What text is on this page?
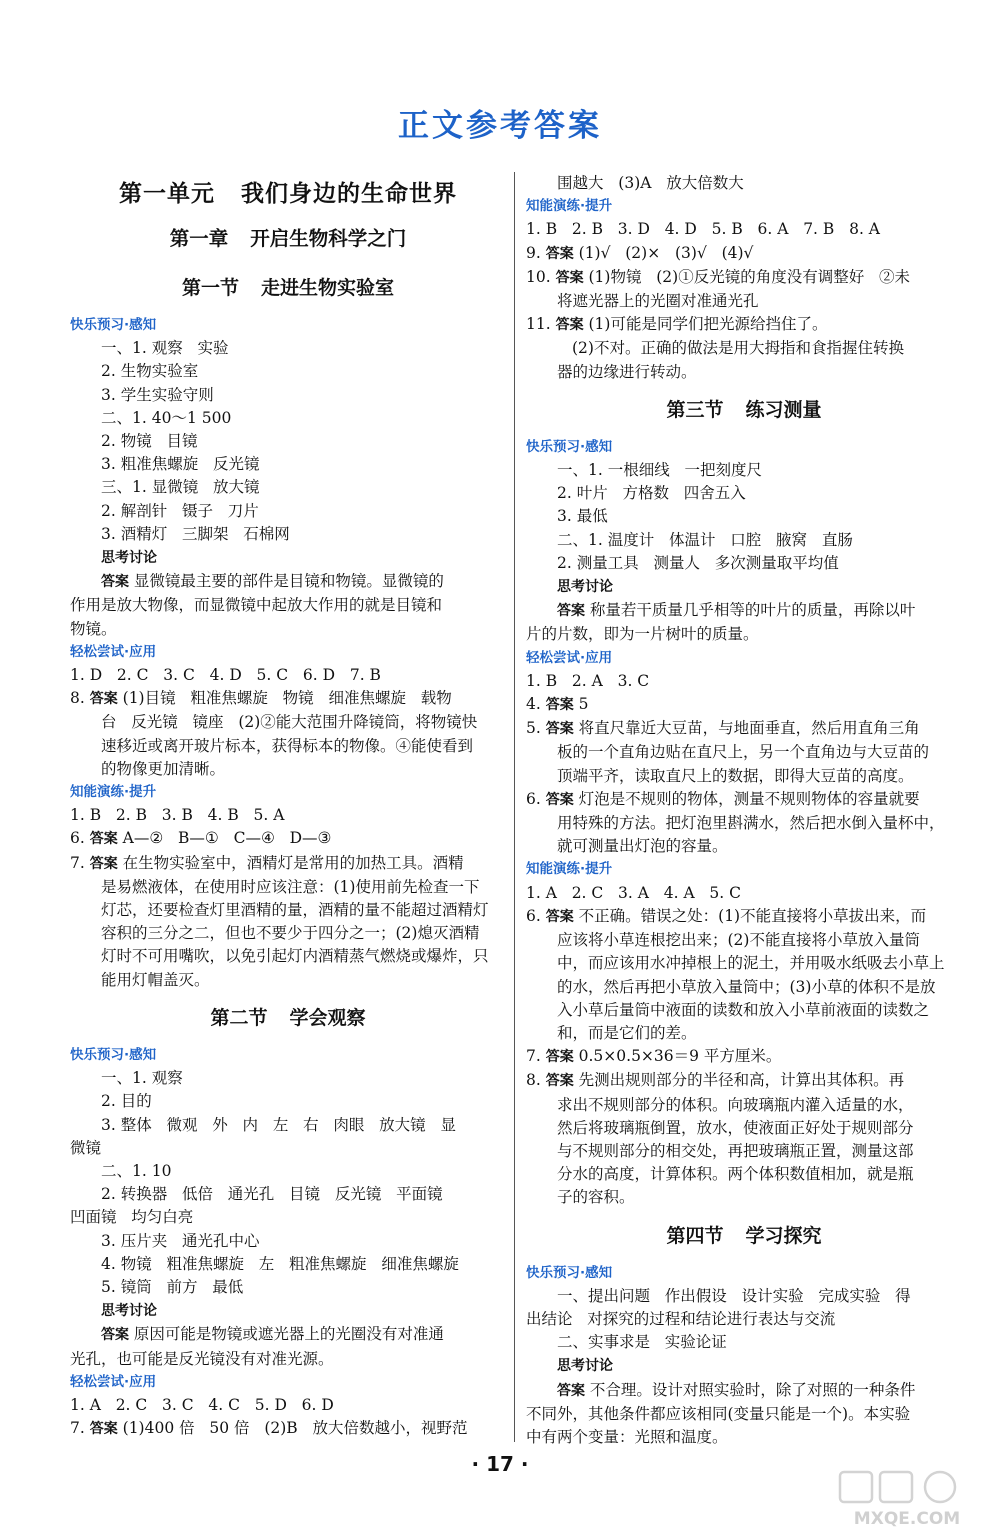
正文参考答案
第一单元 我们身边的生命世界
第一章 开启生物科学之门
第一节 走进生物实验室
快乐预习·感知
一、1. 观察   实验
2. 生物实验室
3. 学生实验守则
二、1. 40～1 500
2. 物镜   目镜
3. 粗准焦螺旋   反光镜
三、1. 显微镜   放大镜
2. 解剖针   镊子   刀片
3. 酒精灯   三脚架   石棉网
思考讨论
答案 显微镜最主要的部件是目镜和物镜。显微镜的
作用是放大物像，而显微镜中起放大作用的就是目镜和
物镜。
轻松尝试·应用
1. D   2. C   3. C   4. D   5. C   6. D   7. B
8. 答案 (1)目镜   粗准焦螺旋   物镜   细准焦螺旋   载物
台   反光镜   镜座   (2)②能大范围升降镜筒，将物镜快
速移近或离开玻片标本，获得标本的物像。④能使看到
的物像更加清晰。
知能演练·提升
1. B   2. B   3. B   4. B   5. A
6. 答案 A—②   B—①   C—④   D—③
7. 答案 在生物实验室中，酒精灯是常用的加热工具。酒精
是易燃液体，在使用时应该注意：(1)使用前先检查一下
灯芯，还要检查灯里酒精的量，酒精的量不能超过酒精灯
容积的三分之二，但也不要少于四分之一；(2)熄灭酒精
灯时不可用嘴吹，以免引起灯内酒精蒸气燃烧或爆炸，只
能用灯帽盖灭。
第二节 学会观察
快乐预习·感知
一、1. 观察
2. 目的
3. 整体   微观   外   内   左   右   肉眼   放大镜   显
微镜
二、1. 10
2. 转换器   低倍   通光孔   目镜   反光镜   平面镜
凹面镜   均匀白亮
3. 压片夹   通光孔中心
4. 物镜   粗准焦螺旋   左   粗准焦螺旋   细准焦螺旋
5. 镜筒   前方   最低
思考讨论
答案 原因可能是物镜或遮光器上的光圈没有对准通
光孔，也可能是反光镜没有对准光源。
轻松尝试·应用
1. A   2. C   3. C   4. C   5. D   6. D
7. 答案 (1)400 倍   50 倍   (2)B   放大倍数越小，视野范
围越大   (3)A   放大倍数大
知能演练·提升
1. B   2. B   3. D   4. D   5. B   6. A   7. B   8. A
9. 答案 (1)√   (2)×   (3)√   (4)√
10. 答案 (1)物镜   (2)①反光镜的角度没有调整好   ②未
将遮光器上的光圈对准通光孔
11. 答案 (1)可能是同学们把光源给挡住了。
(2)不对。正确的做法是用大拇指和食指握住转换
器的边缘进行转动。
第三节 练习测量
快乐预习·感知
一、1. 一根细线   一把刻度尺
2. 叶片   方格数   四舍五入
3. 最低
二、1. 温度计   体温计   口腔   腋窝   直肠
2. 测量工具   测量人   多次测量取平均值
思考讨论
答案 称量若干质量几乎相等的叶片的质量，再除以叶
片的片数，即为一片树叶的质量。
轻松尝试·应用
1. B   2. A   3. C
4. 答案 5
5. 答案 将直尺靠近大豆苗，与地面垂直，然后用直角三角
板的一个直角边贴在直尺上，另一个直角边与大豆苗的
顶端平齐，读取直尺上的数据，即得大豆苗的高度。
6. 答案 灯泡是不规则的物体，测量不规则物体的容量就要
用特殊的方法。把灯泡里斟满水，然后把水倒入量杯中，
就可测量出灯泡的容量。
知能演练·提升
1. A   2. C   3. A   4. A   5. C
6. 答案 不正确。错误之处：(1)不能直接将小草拔出来，而
应该将小草连根挖出来；(2)不能直接将小草放入量筒
中，而应该用水冲掉根上的泥土，并用吸水纸吸去小草上
的水，然后再把小草放入量筒中；(3)小草的体积不是放
入小草后量筒中液面的读数和放入小草前液面的读数之
和，而是它们的差。
7. 答案 0.5×0.5×36＝9 平方厘米。
8. 答案 先测出规则部分的半径和高，计算出其体积。再
求出不规则部分的体积。向玻璃瓶内灌入适量的水，
然后将玻璃瓶倒置，放水，使液面正好处于规则部分
与不规则部分的相交处，再把玻璃瓶正置，测量这部
分水的高度，计算体积。两个体积数值相加，就是瓶
子的容积。
第四节 学习探究
快乐预习·感知
一、提出问题   作出假设   设计实验   完成实验   得
出结论   对探究的过程和结论进行表达与交流
二、实事求是   实验论证
思考讨论
答案 不合理。设计对照实验时，除了对照的一种条件
不同外，其他条件都应该相同(变量只能是一个)。本实验
中有两个变量：光照和温度。
· 17 ·
MXQE.COM
